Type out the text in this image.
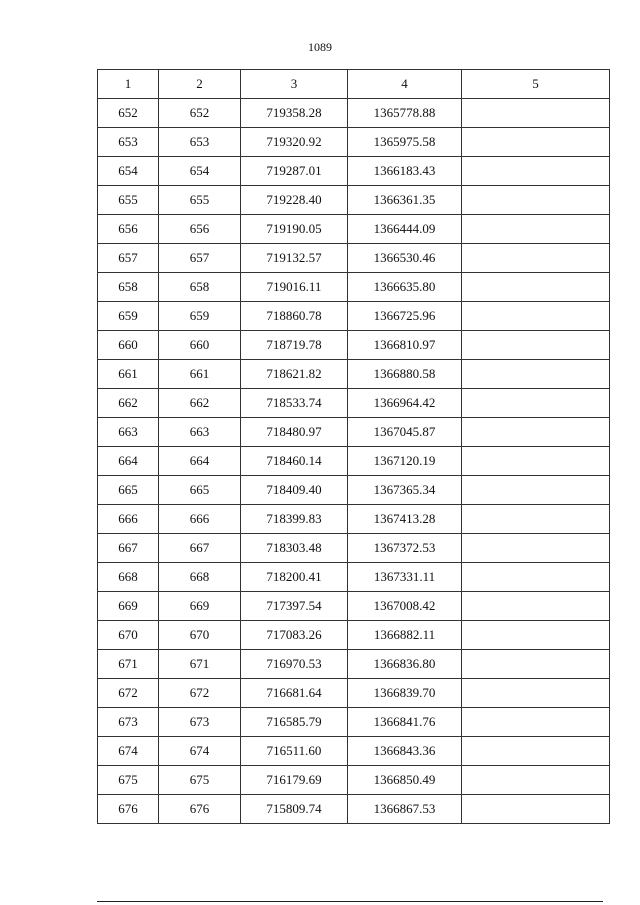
1089
1	2	3	4	5
652	652	719358.28	1365778.88	
653	653	719320.92	1365975.58	
654	654	719287.01	1366183.43	
655	655	719228.40	1366361.35	
656	656	719190.05	1366444.09	
657	657	719132.57	1366530.46	
658	658	719016.11	1366635.80	
659	659	718860.78	1366725.96	
660	660	718719.78	1366810.97	
661	661	718621.82	1366880.58	
662	662	718533.74	1366964.42	
663	663	718480.97	1367045.87	
664	664	718460.14	1367120.19	
665	665	718409.40	1367365.34	
666	666	718399.83	1367413.28	
667	667	718303.48	1367372.53	
668	668	718200.41	1367331.11	
669	669	717397.54	1367008.42	
670	670	717083.26	1366882.11	
671	671	716970.53	1366836.80	
672	672	716681.64	1366839.70	
673	673	716585.79	1366841.76	
674	674	716511.60	1366843.36	
675	675	716179.69	1366850.49	
676	676	715809.74	1366867.53	
